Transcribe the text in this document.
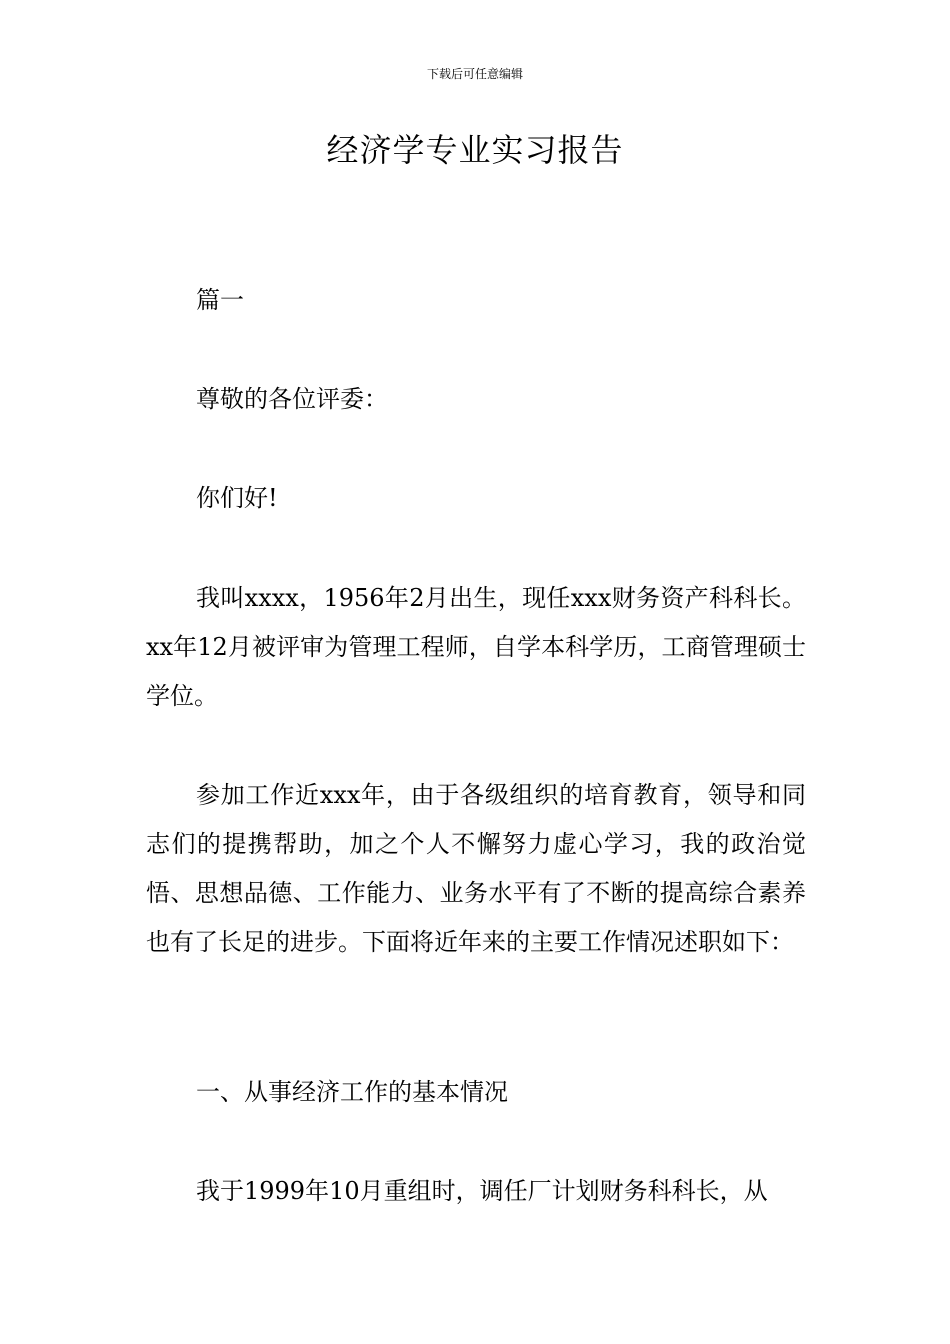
下载后可任意编辑
经济学专业实习报告

篇一

尊敬的各位评委：

你们好!

我叫xxxx，1956年2月出生，现任xxx财务资产科科长。xx年12月被评审为管理工程师，自学本科学历，工商管理硕士学位。

参加工作近xxx年，由于各级组织的培育教育，领导和同志们的提携帮助，加之个人不懈努力虚心学习，我的政治觉悟、思想品德、工作能力、业务水平有了不断的提高综合素养也有了长足的进步。下面将近年来的主要工作情况述职如下：

一、从事经济工作的基本情况

我于1999年10月重组时，调任厂计划财务科科长，从
